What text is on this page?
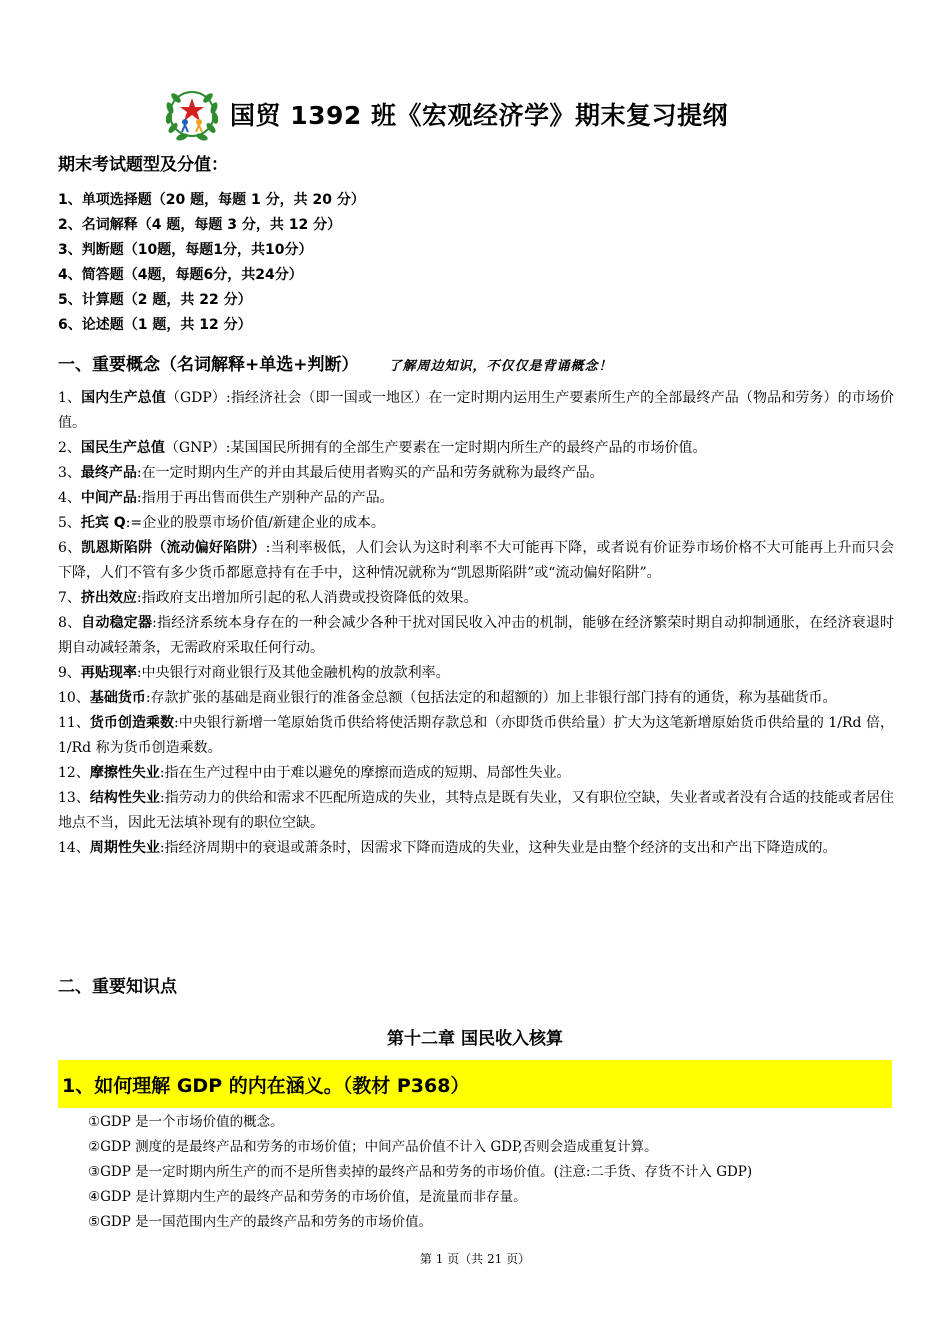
国贸 1392 班《宏观经济学》期末复习提纲
期末考试题型及分值：
1、单项选择题（20 题，每题 1 分，共 20 分）
2、名词解释（4 题，每题 3 分，共 12 分）
3、判断题（10题，每题1分，共10分）
4、简答题（4题，每题6分，共24分）
5、计算题（2 题，共 22 分）
6、论述题（1 题，共 12 分）
一、重要概念（名词解释+单选+判断） 了解周边知识，不仅仅是背诵概念！
1、国内生产总值（GDP）:指经济社会（即一国或一地区）在一定时期内运用生产要素所生产的全部最终产品（物品和劳务）的市场价值。
2、国民生产总值（GNP）:某国国民所拥有的全部生产要素在一定时期内所生产的最终产品的市场价值。
3、最终产品:在一定时期内生产的并由其最后使用者购买的产品和劳务就称为最终产品。
4、中间产品:指用于再出售而供生产别种产品的产品。
5、托宾 Q:=企业的股票市场价值/新建企业的成本。
6、凯恩斯陷阱（流动偏好陷阱）:当利率极低，人们会认为这时利率不大可能再下降，或者说有价证券市场价格不大可能再上升而只会下降，人们不管有多少货币都愿意持有在手中，这种情况就称为“凯恩斯陷阱”或“流动偏好陷阱”。
7、挤出效应:指政府支出增加所引起的私人消费或投资降低的效果。
8、自动稳定器:指经济系统本身存在的一种会减少各种干扰对国民收入冲击的机制，能够在经济繁荣时期自动抑制通胀，在经济衰退时期自动减轻萧条，无需政府采取任何行动。
9、再贴现率:中央银行对商业银行及其他金融机构的放款利率。
10、基础货币:存款扩张的基础是商业银行的准备金总额（包括法定的和超额的）加上非银行部门持有的通货，称为基础货币。
11、货币创造乘数:中央银行新增一笔原始货币供给将使活期存款总和（亦即货币供给量）扩大为这笔新增原始货币供给量的 1/Rd 倍，1/Rd 称为货币创造乘数。
12、摩擦性失业:指在生产过程中由于难以避免的摩擦而造成的短期、局部性失业。
13、结构性失业:指劳动力的供给和需求不匹配所造成的失业，其特点是既有失业，又有职位空缺，失业者或者没有合适的技能或者居住地点不当，因此无法填补现有的职位空缺。
14、周期性失业:指经济周期中的衰退或萧条时，因需求下降而造成的失业，这种失业是由整个经济的支出和产出下降造成的。
二、重要知识点
第十二章 国民收入核算
1、如何理解 GDP 的内在涵义。（教材 P368）
①GDP 是一个市场价值的概念。
②GDP 测度的是最终产品和劳务的市场价值；中间产品价值不计入 GDP,否则会造成重复计算。
③GDP 是一定时期内所生产的而不是所售卖掉的最终产品和劳务的市场价值。(注意:二手货、存货不计入 GDP)
④GDP 是计算期内生产的最终产品和劳务的市场价值，是流量而非存量。
⑤GDP 是一国范围内生产的最终产品和劳务的市场价值。
第 1 页（共 21 页）
